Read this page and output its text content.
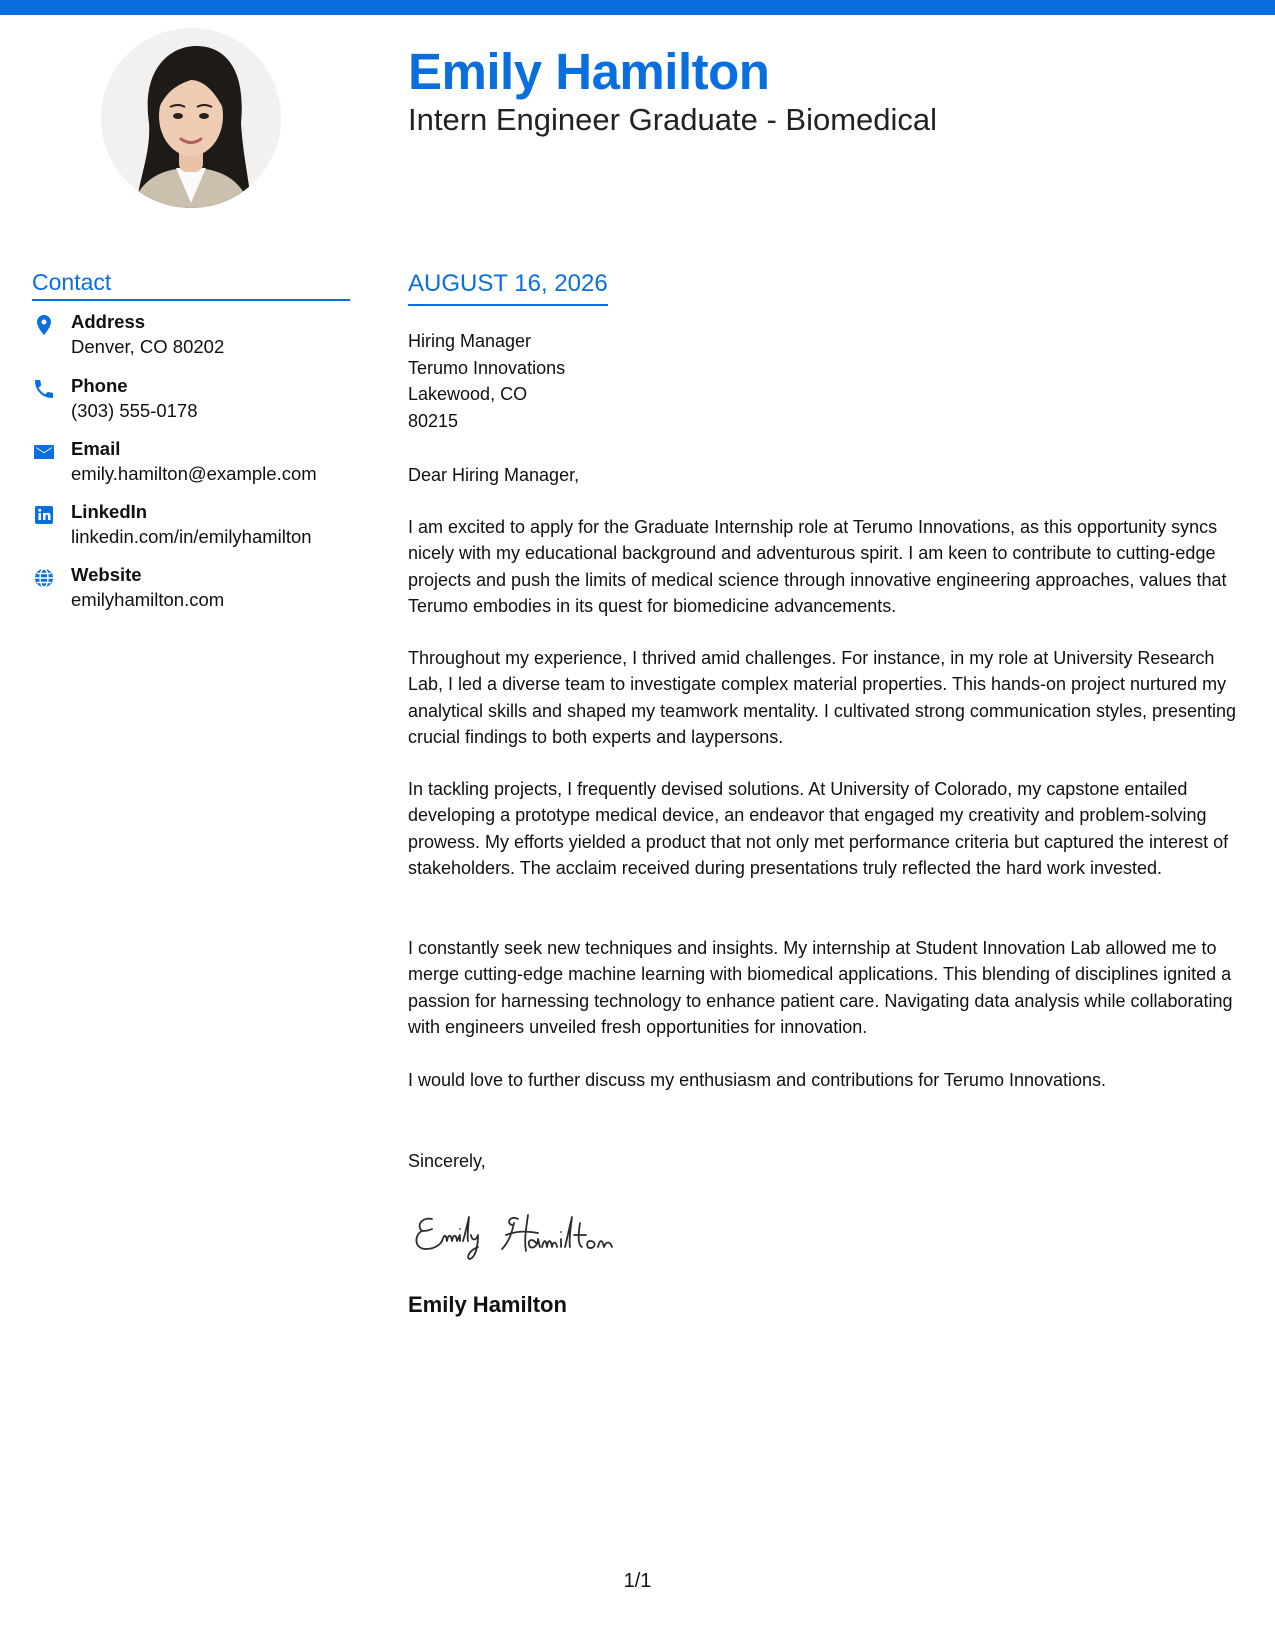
Emily Hamilton
Intern Engineer Graduate - Biomedical
Contact
Address
Denver, CO 80202
Phone
(303) 555-0178
Email
emily.hamilton@example.com
LinkedIn
linkedin.com/in/emilyhamilton
Website
emilyhamilton.com
AUGUST 16, 2026
Hiring Manager
Terumo Innovations
Lakewood, CO
80215
Dear Hiring Manager,

I am excited to apply for the Graduate Internship role at Terumo Innovations, as this opportunity syncs nicely with my educational background and adventurous spirit. I am keen to contribute to cutting-edge projects and push the limits of medical science through innovative engineering approaches, values that Terumo embodies in its quest for biomedicine advancements.

Throughout my experience, I thrived amid challenges. For instance, in my role at University Research Lab, I led a diverse team to investigate complex material properties. This hands-on project nurtured my analytical skills and shaped my teamwork mentality. I cultivated strong communication styles, presenting crucial findings to both experts and laypersons.

In tackling projects, I frequently devised solutions. At University of Colorado, my capstone entailed developing a prototype medical device, an endeavor that engaged my creativity and problem-solving prowess. My efforts yielded a product that not only met performance criteria but captured the interest of stakeholders. The acclaim received during presentations truly reflected the hard work invested.

I constantly seek new techniques and insights. My internship at Student Innovation Lab allowed me to merge cutting-edge machine learning with biomedical applications. This blending of disciplines ignited a passion for harnessing technology to enhance patient care. Navigating data analysis while collaborating with engineers unveiled fresh opportunities for innovation.

I would love to further discuss my enthusiasm and contributions for Terumo Innovations.

Sincerely,
Emily Hamilton
1/1
